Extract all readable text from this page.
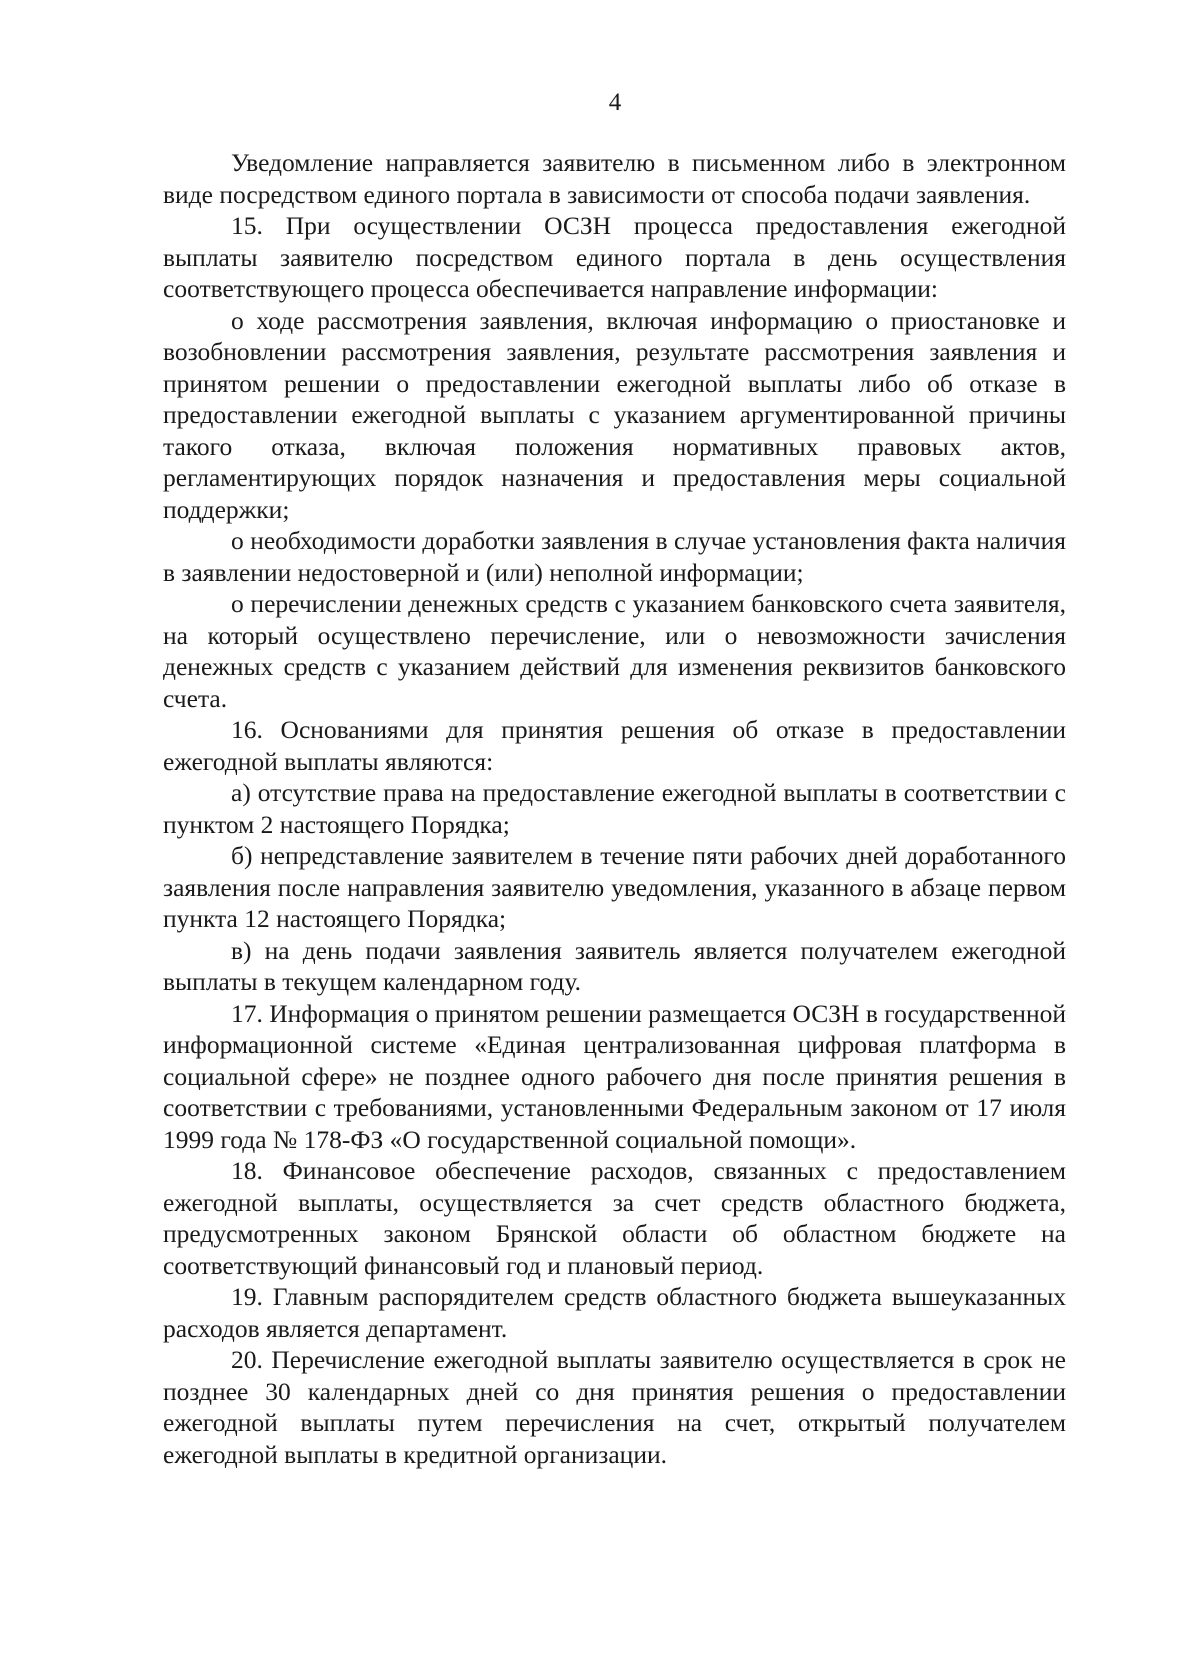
4

Уведомление направляется заявителю в письменном либо в электронном виде посредством единого портала в зависимости от способа подачи заявления.

15. При осуществлении ОСЗН процесса предоставления ежегодной выплаты заявителю посредством единого портала в день осуществления соответствующего процесса обеспечивается направление информации:

о ходе рассмотрения заявления, включая информацию о приостановке и возобновлении рассмотрения заявления, результате рассмотрения заявления и принятом решении о предоставлении ежегодной выплаты либо об отказе в предоставлении ежегодной выплаты с указанием аргументированной причины такого отказа, включая положения нормативных правовых актов, регламентирующих порядок назначения и предоставления меры социальной поддержки;

о необходимости доработки заявления в случае установления факта наличия в заявлении недостоверной и (или) неполной информации;

о перечислении денежных средств с указанием банковского счета заявителя, на который осуществлено перечисление, или о невозможности зачисления денежных средств с указанием действий для изменения реквизитов банковского счета.

16. Основаниями для принятия решения об отказе в предоставлении ежегодной выплаты являются:

а) отсутствие права на предоставление ежегодной выплаты в соответствии с пунктом 2 настоящего Порядка;

б) непредставление заявителем в течение пяти рабочих дней доработанного заявления после направления заявителю уведомления, указанного в абзаце первом пункта 12 настоящего Порядка;

в) на день подачи заявления заявитель является получателем ежегодной выплаты в текущем календарном году.

17. Информация о принятом решении размещается ОСЗН в государственной информационной системе «Единая централизованная цифровая платформа в социальной сфере» не позднее одного рабочего дня после принятия решения в соответствии с требованиями, установленными Федеральным законом от 17 июля 1999 года № 178-ФЗ «О государственной социальной помощи».

18. Финансовое обеспечение расходов, связанных с предоставлением ежегодной выплаты, осуществляется за счет средств областного бюджета, предусмотренных законом Брянской области об областном бюджете на соответствующий финансовый год и плановый период.

19. Главным распорядителем средств областного бюджета вышеуказанных расходов является департамент.

20. Перечисление ежегодной выплаты заявителю осуществляется в срок не позднее 30 календарных дней со дня принятия решения о предоставлении ежегодной выплаты путем перечисления на счет, открытый получателем ежегодной выплаты в кредитной организации.
